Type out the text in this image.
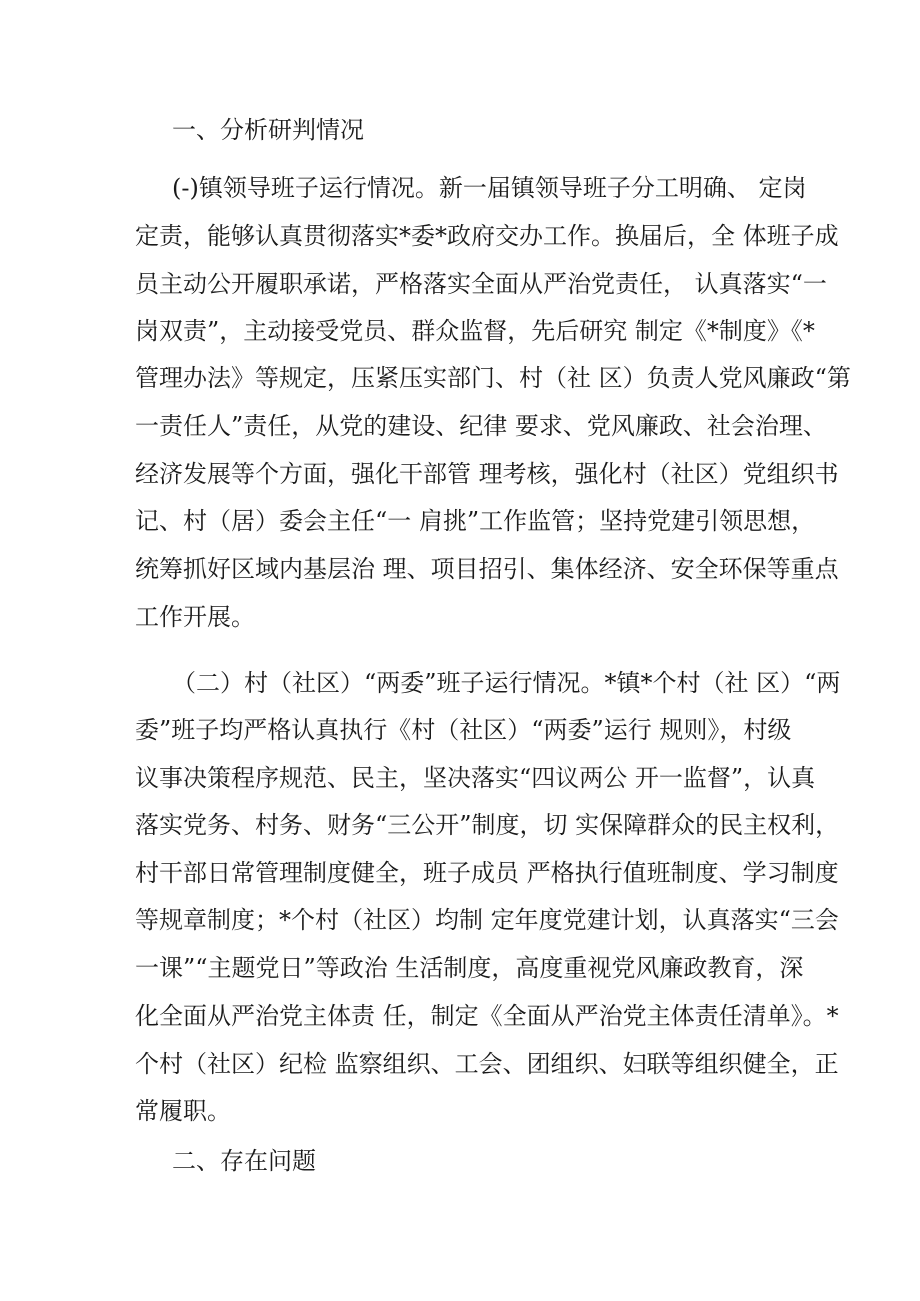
一、分析研判情况
(-)镇领导班子运行情况。新一届镇领导班子分工明确、 定岗
定责，能够认真贯彻落实*委*政府交办工作。换届后，全 体班子成
员主动公开履职承诺，严格落实全面从严治党责任， 认真落实“一
岗双责”，主动接受党员、群众监督，先后研究 制定《*制度》《*
管理办法》等规定，压紧压实部门、村（社 区）负责人党风廉政“第
一责任人”责任，从党的建设、纪律 要求、党风廉政、社会治理、
经济发展等个方面，强化干部管 理考核，强化村（社区）党组织书
记、村（居）委会主任“一 肩挑”工作监管；坚持党建引领思想，
统筹抓好区域内基层治 理、项目招引、集体经济、安全环保等重点
工作开展。
（二）村（社区）“两委”班子运行情况。*镇*个村（社 区）“两
委”班子均严格认真执行《村（社区）“两委”运行 规则》，村级
议事决策程序规范、民主，坚决落实“四议两公 开一监督”，认真
落实党务、村务、财务“三公开”制度，切 实保障群众的民主权利，
村干部日常管理制度健全，班子成员 严格执行值班制度、学习制度
等规章制度；*个村（社区）均制 定年度党建计划，认真落实“三会
一课”“主题党日”等政治 生活制度，高度重视党风廉政教育，深
化全面从严治党主体责 任，制定《全面从严治党主体责任清单》。*
个村（社区）纪检 监察组织、工会、团组织、妇联等组织健全，正
常履职。
二、存在问题
